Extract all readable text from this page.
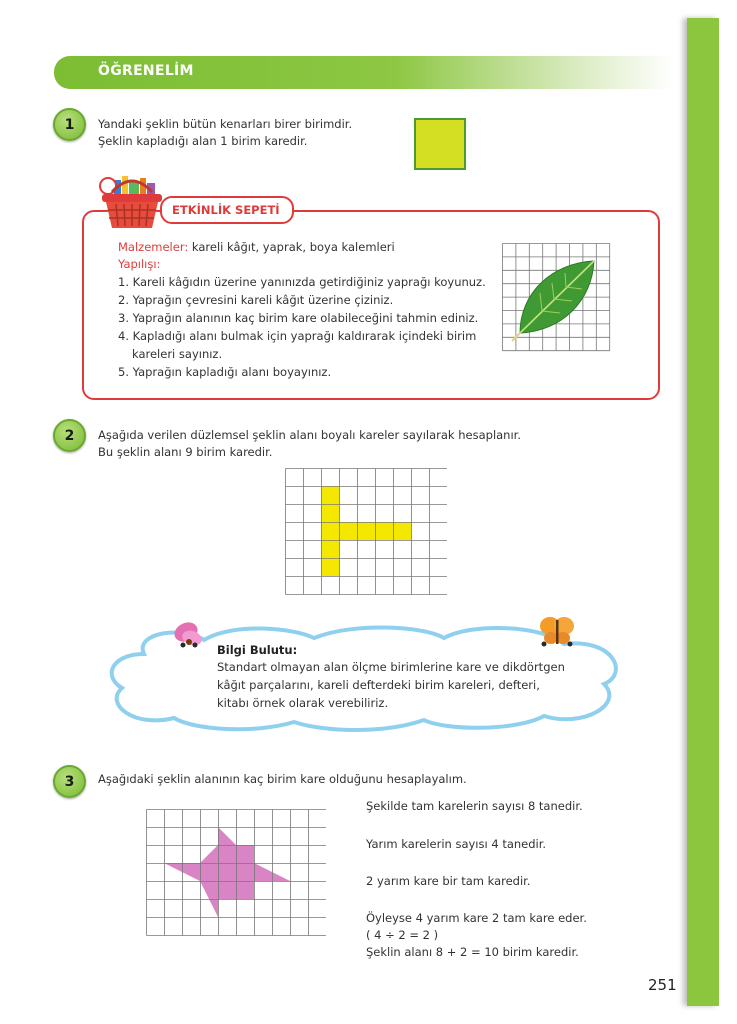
ÖĞRENELİM
1	Yandaki şeklin bütün kenarları birer birimdir.
Şeklin kapladığı alan 1 birim karedir.
ETKİNLİK SEPETİ
Malzemeler: kareli kâğıt, yaprak, boya kalemleri
Yapılışı:
1. Kareli kâğıdın üzerine yanınızda getirdiğiniz yaprağı koyunuz.
2. Yaprağın çevresini kareli kâğıt üzerine çiziniz.
3. Yaprağın alanının kaç birim kare olabileceğini tahmin ediniz.
4. Kapladığı alanı bulmak için yaprağı kaldırarak içindeki birim
kareleri sayınız.
5. Yaprağın kapladığı alanı boyayınız.
2	Aşağıda verilen düzlemsel şeklin alanı boyalı kareler sayılarak hesaplanır.
Bu şeklin alanı 9 birim karedir.
Bilgi Bulutu:
Standart olmayan alan ölçme birimlerine kare ve dikdörtgen
kâğıt parçalarını, kareli defterdeki birim kareleri, defteri,
kitabı örnek olarak verebiliriz.
3	Aşağıdaki şeklin alanının kaç birim kare olduğunu hesaplayalım.
Şekilde tam karelerin sayısı 8 tanedir.
Yarım karelerin sayısı 4 tanedir.
2 yarım kare bir tam karedir.
Öyleyse 4 yarım kare 2 tam kare eder.
( 4 ÷ 2 = 2 )
Şeklin alanı 8 + 2 = 10 birim karedir.
251
